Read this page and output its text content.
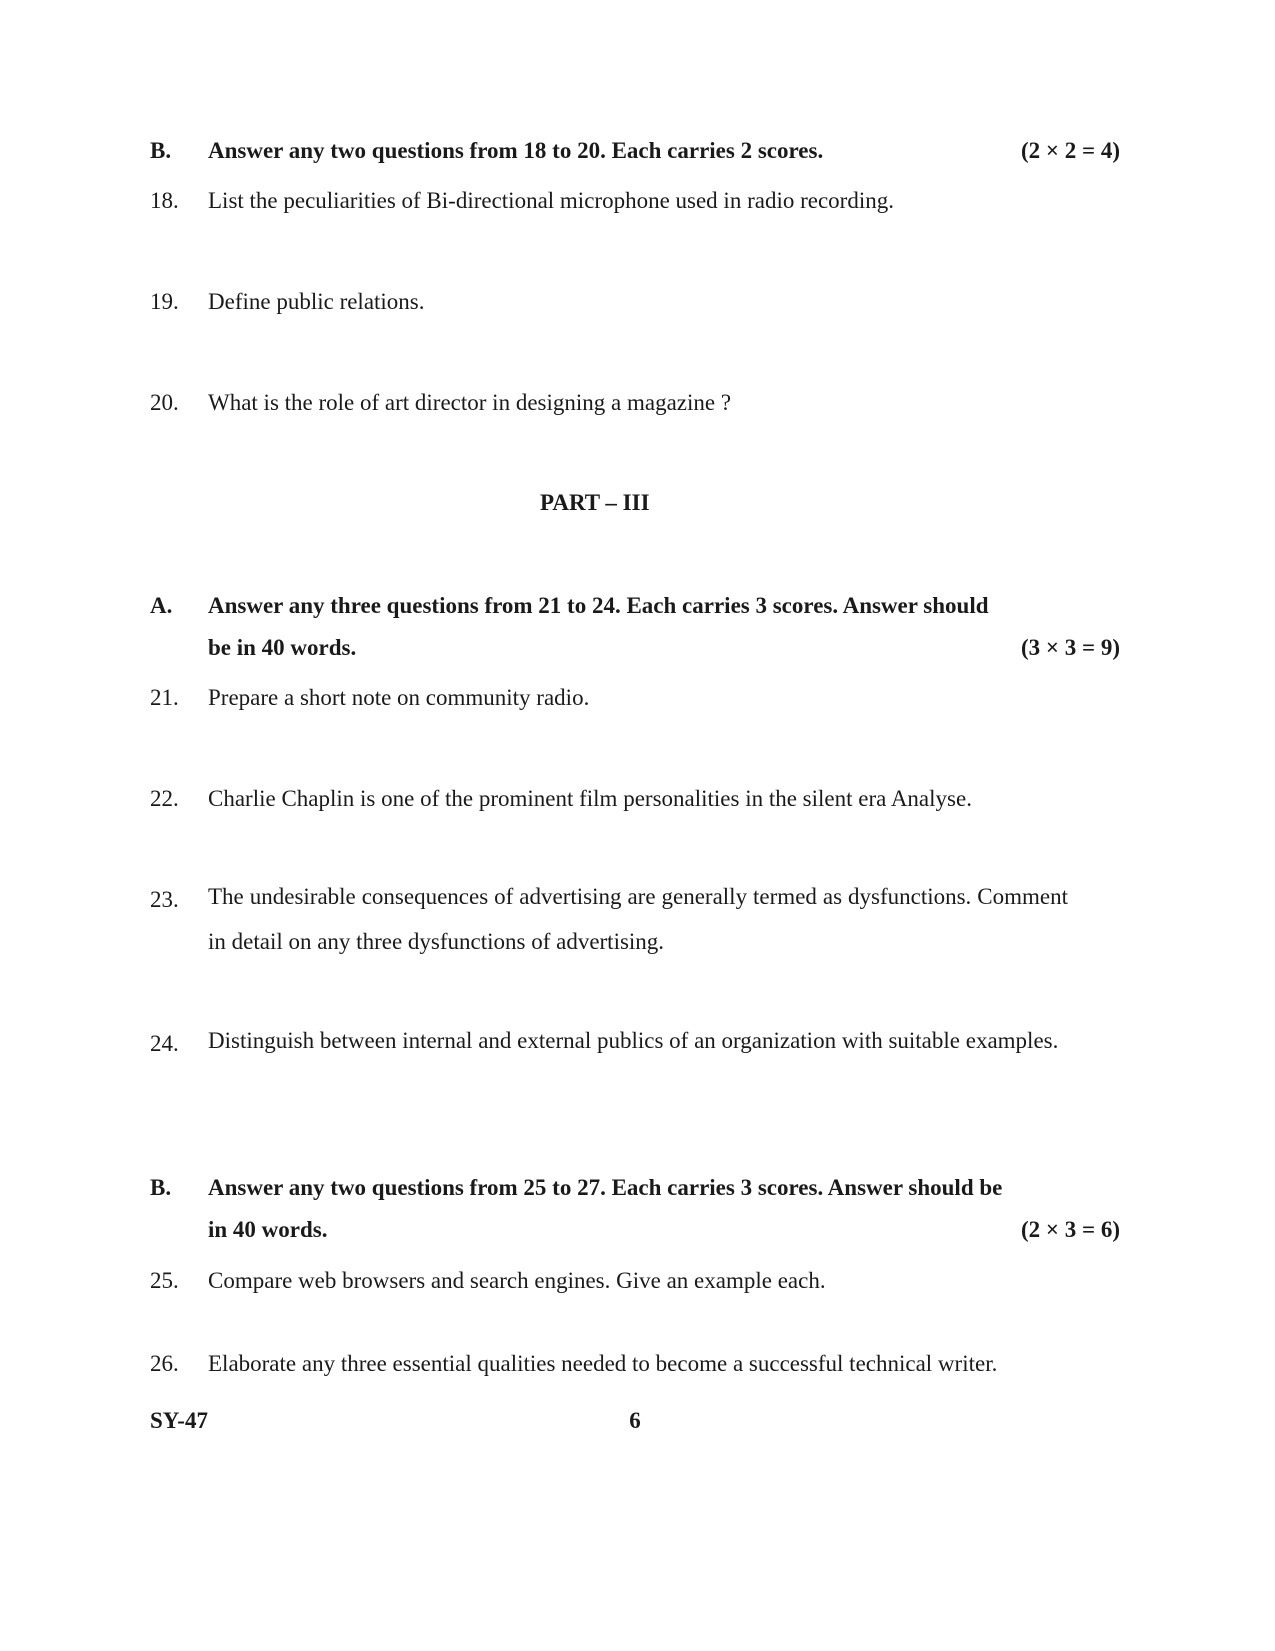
B. Answer any two questions from 18 to 20. Each carries 2 scores.	(2 × 2 = 4)
18. List the peculiarities of Bi-directional microphone used in radio recording.
19. Define public relations.
20. What is the role of art director in designing a magazine ?
PART – III
A. Answer any three questions from 21 to 24. Each carries 3 scores. Answer should
be in 40 words.	(3 × 3 = 9)
21. Prepare a short note on community radio.
22. Charlie Chaplin is one of the prominent film personalities in the silent era Analyse.
23. The undesirable consequences of advertising are generally termed as dysfunctions. Comment in detail on any three dysfunctions of advertising.
24. Distinguish between internal and external publics of an organization with suitable examples.
B. Answer any two questions from 25 to 27. Each carries 3 scores. Answer should be
in 40 words.	(2 × 3 = 6)
25. Compare web browsers and search engines. Give an example each.
26. Elaborate any three essential qualities needed to become a successful technical writer.
SY-47	6
